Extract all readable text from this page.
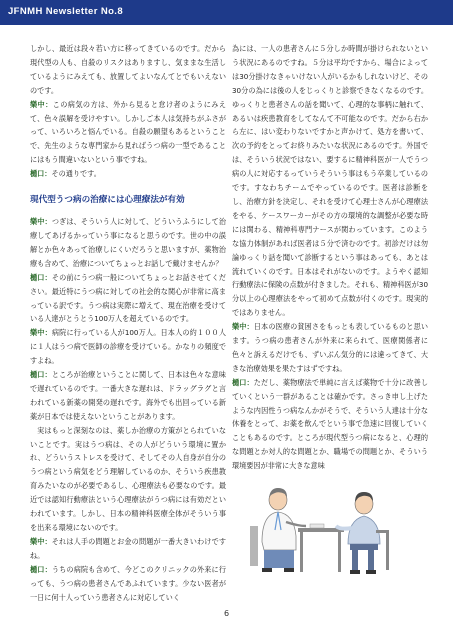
JFNMH Newsletter No.8

しかし、最近は段々若い方に移ってきているのです。だから現代型の人も、自殺のリスクはありますし、気ままな生活しているようにみえても、放置してよいなんてとでもいえないのです。

樂中：この病気の方は、外から見ると怠け者のようにみえて、色々誤解を受けやすい。しかしご本人は気持ちがふさがって、いろいろと悩んでいる。自殺の願望もあるということで、先生のような専門家から見ればうつ病の一型であることにはもう間違いないという事ですね。

樋口：その通りです。

現代型うつ病の治療には心理療法が有効

樂中：つぎは、そういう人に対して、どういうふうにして治療してあげるかっていう事になると思うのです。世の中の誤解とか色々あって治療しにくいだろうと思いますが、薬物治療も含めて、治療についてちょっとお話しで戴けませんか？

樋口：その前にうつ病一般についてちょっとお話させてください。最近特にうつ病に対しての社会的な関心が非常に高まっている訳です。うつ病は実際に増えて、現在治療を受けている人達がとうとう100万人を超えているのです。

樂中：病院に行っている人が100万人。日本人の約１００人に１人はうつ病で医師の診療を受けている。かなりの頻度ですよね。

樋口：ところが治療ということに関して、日本は色々な意味で遅れているのです。一番大きな遅れは、ドラッグラグと言われている新薬の開発の遅れです。海外でも出回っている新薬が日本では使えないということがあります。

実はもっと深刻なのは、薬しか治療の方策がとられていないことです。実はうつ病は、その人がどういう環境に置かれ、どういうストレスを受けて、そしてその人自身が自分のうつ病という病気をどう理解しているのか、そういう疾患教育みたいなのが必要であるし、心理療法も必要なのです。最近では認知行動療法という心理療法がうつ病には有効だといわれています。しかし、日本の精神科医療全体がそういう事を出来る環境にないのです。

樂中：それは人手の問題とお金の問題が一番大きいわけですね。

樋口：うちの病院も含めて、今どこのクリニックの外来に行っても、うつ病の患者さんであふれています。少ない医者が一日に何十人っていう患者さんに対応していく

為には、一人の患者さんに５分しか時間が掛けられないという状況にあるのですね。５分は平均ですから、場合によっては30分掛けなきゃいけない人がいるかもしれないけど、その30分の為には後の人をじっくりと診察できなくなるのです。ゆっくりと患者さんの話を聞いて、心理的な事柄に触れて、あるいは疾患教育をしてなんて不可能なのです。だから右から左に、はい変わりないですかと声かけて、処方を書いて、次の予約をとってお終りみたいな状況にあるのです。外国では、そういう状況ではない、要するに精神科医が一人でうつ病の人に対応するっていうそういう事はもう卒業しているのです。すなわちチームでやっているのです。医者は診断をし、治療方針を決定し、それを受けて心理士さんが心理療法をやる、ケースワーカーがその方の環境的な調整が必要な時には関わる、精神科専門ナースが関わっています。このような協力体制があれば医者は５分で済むのです。初診だけは勿論ゆっくり話を聞いて診断するという事はあっても、あとは流れていくのです。日本はそれがないのです。ようやく認知行動療法に保険の点数が付きました。それも、精神科医が30分以上の心理療法をやって初めて点数が付くのです。現実的ではありません。

樂中：日本の医療の貧困さをもっとも表しているものと思います。うつ病の患者さんが外来に来られて、医療関係者に色々と訴えるだけでも、ずいぶん気分的には違ってきて、大きな治療効果を果たすはずですね。

樋口：ただし、薬物療法で単純に言えば薬物で十分に改善していくという一群があることは確かです。さっき申し上げたような内因性うつ病なんかがそうで、そういう人達は十分な休養をとって、お薬を飲んでという事で急速に回復していくこともあるのです。ところが現代型うつ病になると、心理的な問題とか対人的な問題とか、職場での問題とか、そういう環境要因が非常に大きな意味

6
